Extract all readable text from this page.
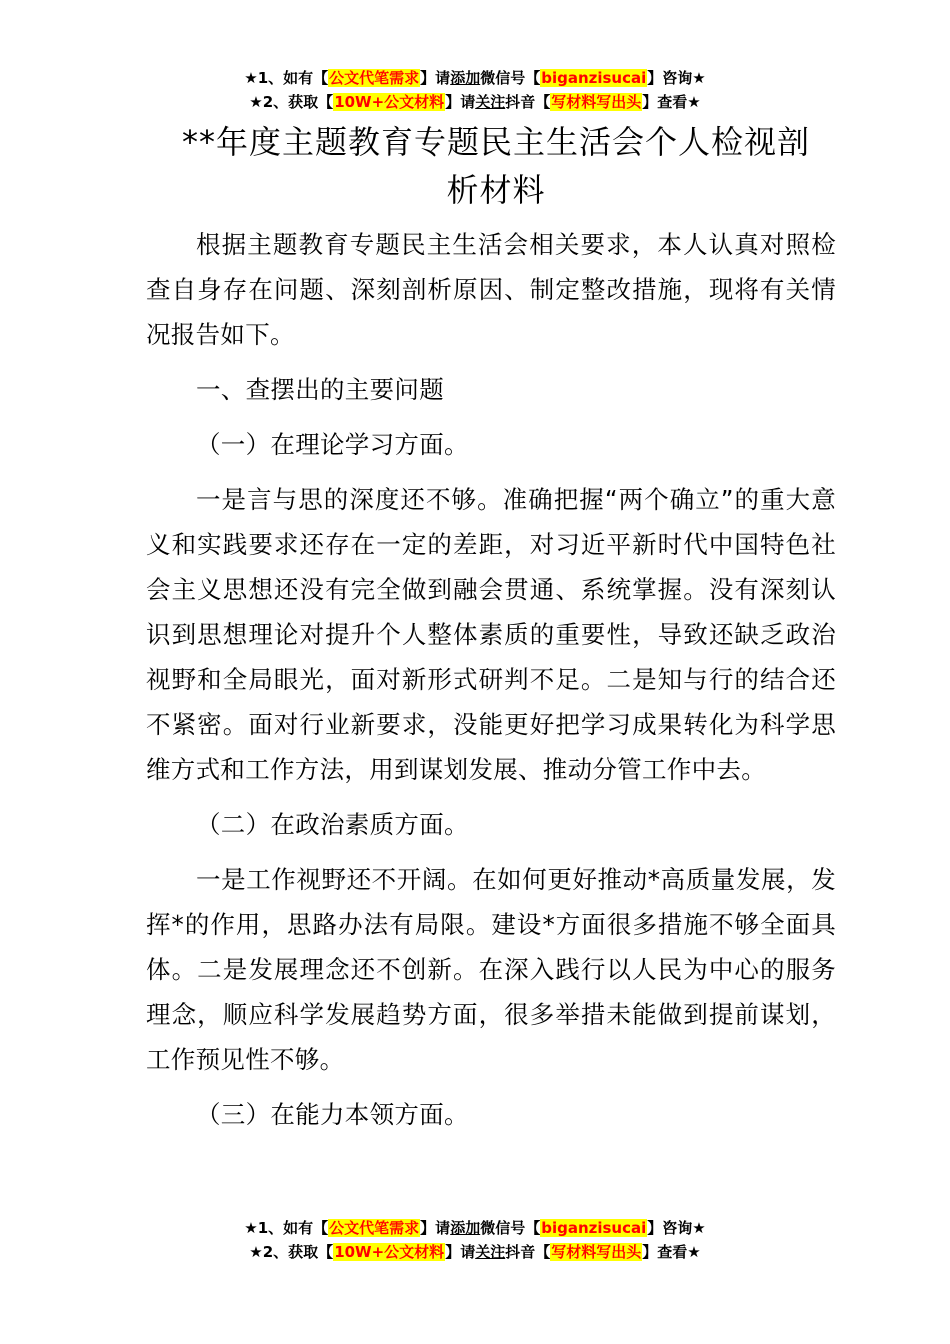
★1、如有【公文代笔需求】请添加微信号【biganzisucai】咨询★
★2、获取【10W+公文材料】请关注抖音【写材料写出头】查看★
**年度主题教育专题民主生活会个人检视剖
析材料

根据主题教育专题民主生活会相关要求，本人认真对照检查自身存在问题、深刻剖析原因、制定整改措施，现将有关情况报告如下。

一、查摆出的主要问题

（一）在理论学习方面。

一是言与思的深度还不够。准确把握“两个确立”的重大意义和实践要求还存在一定的差距，对习近平新时代中国特色社会主义思想还没有完全做到融会贯通、系统掌握。没有深刻认识到思想理论对提升个人整体素质的重要性，导致还缺乏政治视野和全局眼光，面对新形式研判不足。二是知与行的结合还不紧密。面对行业新要求，没能更好把学习成果转化为科学思维方式和工作方法，用到谋划发展、推动分管工作中去。

（二）在政治素质方面。

一是工作视野还不开阔。在如何更好推动*高质量发展，发挥*的作用，思路办法有局限。建设*方面很多措施不够全面具体。二是发展理念还不创新。在深入践行以人民为中心的服务理念，顺应科学发展趋势方面，很多举措未能做到提前谋划，工作预见性不够。

（三）在能力本领方面。

★1、如有【公文代笔需求】请添加微信号【biganzisucai】咨询★
★2、获取【10W+公文材料】请关注抖音【写材料写出头】查看★
